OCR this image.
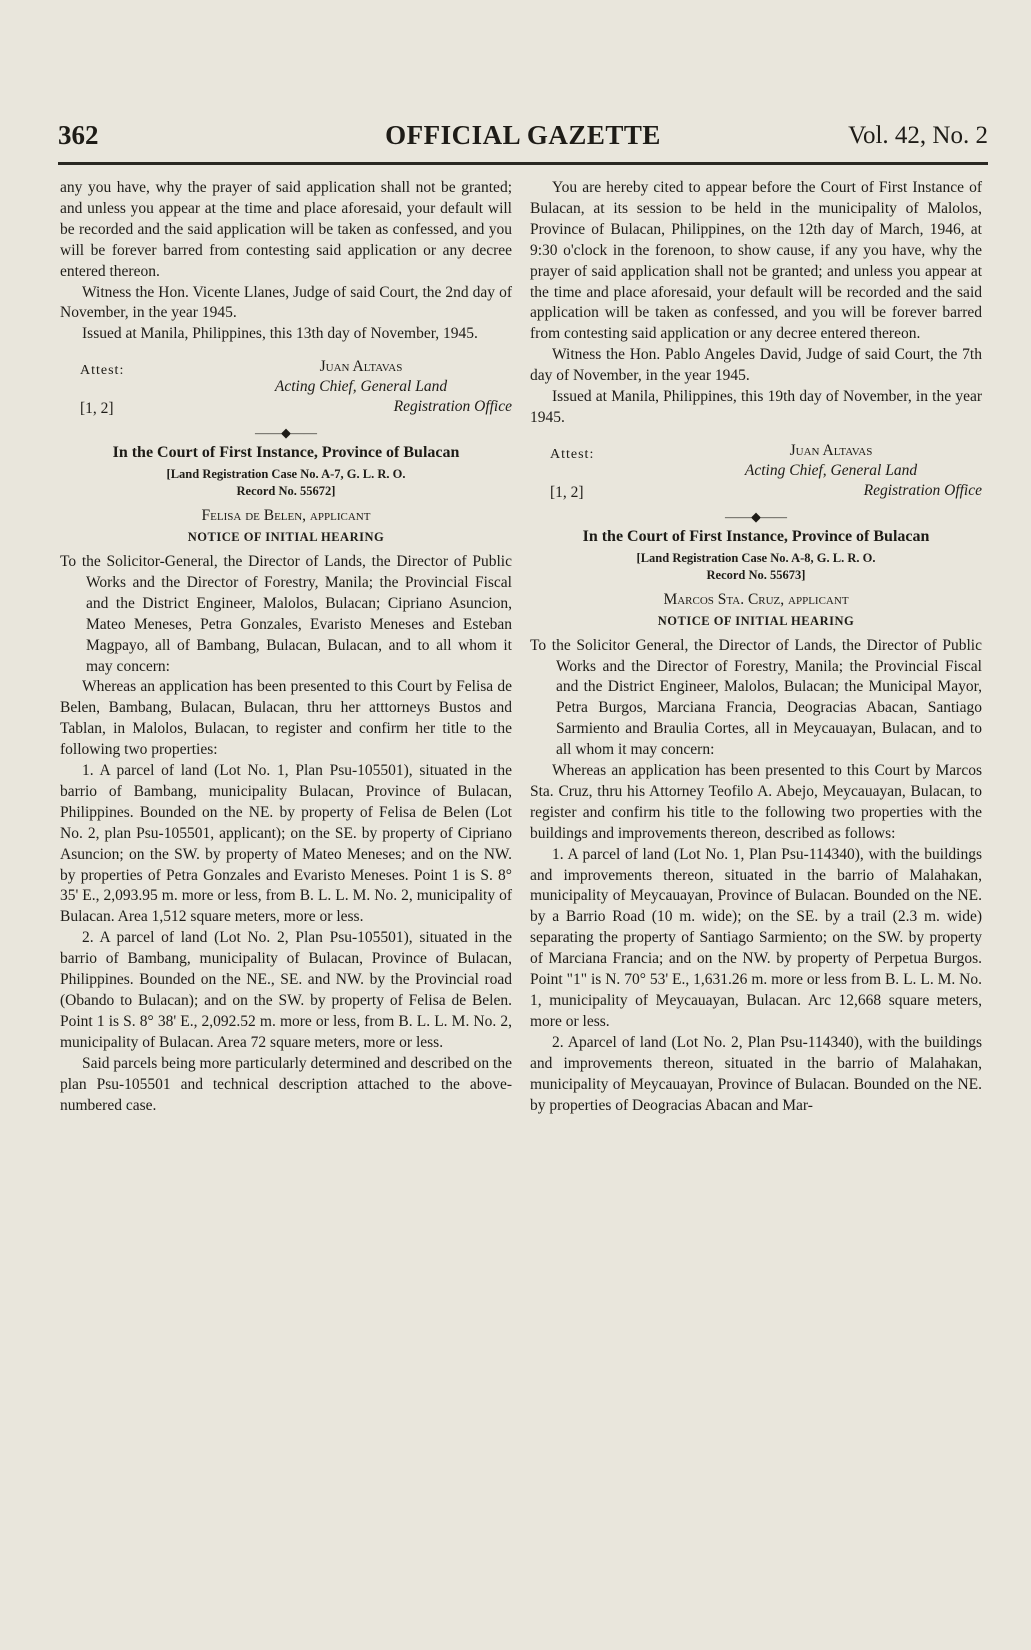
362	OFFICIAL GAZETTE	Vol. 42, No. 2

any you have, why the prayer of said application shall not be granted; and unless you appear at the time and place aforesaid, your default will be recorded and the said application will be taken as confessed, and you will be forever barred from contesting said application or any decree entered thereon.

Witness the Hon. Vicente Llanes, Judge of said Court, the 2nd day of November, in the year 1945.

Issued at Manila, Philippines, this 13th day of November, 1945.

Attest:	Juan Altavas
Acting Chief, General Land
Registration Office
[1, 2]
——◆——
In the Court of First Instance, Province of Bulacan
[Land Registration Case No. A-7, G. L. R. O.
Record No. 55672]
Felisa de Belen, applicant
NOTICE OF INITIAL HEARING

To the Solicitor-General, the Director of Lands, the Director of Public Works and the Director of Forestry, Manila; the Provincial Fiscal and the District Engineer, Malolos, Bulacan; Cipriano Asuncion, Mateo Meneses, Petra Gonzales, Evaristo Meneses and Esteban Magpayo, all of Bambang, Bulacan, Bulacan, and to all whom it may concern:

Whereas an application has been presented to this Court by Felisa de Belen, Bambang, Bulacan, Bulacan, thru her atttorneys Bustos and Tablan, in Malolos, Bulacan, to register and confirm her title to the following two properties:

1. A parcel of land (Lot No. 1, Plan Psu-105501), situated in the barrio of Bambang, municipality Bulacan, Province of Bulacan, Philippines. Bounded on the NE. by property of Felisa de Belen (Lot No. 2, plan Psu-105501, applicant); on the SE. by property of Cipriano Asuncion; on the SW. by property of Mateo Meneses; and on the NW. by properties of Petra Gonzales and Evaristo Meneses. Point 1 is S. 8° 35' E., 2,093.95 m. more or less, from B. L. L. M. No. 2, municipality of Bulacan. Area 1,512 square meters, more or less.

2. A parcel of land (Lot No. 2, Plan Psu-105501), situated in the barrio of Bambang, municipality of Bulacan, Province of Bulacan, Philippines. Bounded on the NE., SE. and NW. by the Provincial road (Obando to Bulacan); and on the SW. by property of Felisa de Belen. Point 1 is S. 8° 38' E., 2,092.52 m. more or less, from B. L. L. M. No. 2, municipality of Bulacan. Area 72 square meters, more or less.

Said parcels being more particularly determined and described on the plan Psu-105501 and technical description attached to the above-numbered case.

You are hereby cited to appear before the Court of First Instance of Bulacan, at its session to be held in the municipality of Malolos, Province of Bulacan, Philippines, on the 12th day of March, 1946, at 9:30 o'clock in the forenoon, to show cause, if any you have, why the prayer of said application shall not be granted; and unless you appear at the time and place aforesaid, your default will be recorded and the said application will be taken as confessed, and you will be forever barred from contesting said application or any decree entered thereon.

Witness the Hon. Pablo Angeles David, Judge of said Court, the 7th day of November, in the year 1945.

Issued at Manila, Philippines, this 19th day of November, in the year 1945.

Attest:	Juan Altavas
Acting Chief, General Land
Registration Office
[1, 2]
——◆——
In the Court of First Instance, Province of Bulacan
[Land Registration Case No. A-8, G. L. R. O.
Record No. 55673]
Marcos Sta. Cruz, applicant
NOTICE OF INITIAL HEARING

To the Solicitor General, the Director of Lands, the Director of Public Works and the Director of Forestry, Manila; the Provincial Fiscal and the District Engineer, Malolos, Bulacan; the Municipal Mayor, Petra Burgos, Marciana Francia, Deogracias Abacan, Santiago Sarmiento and Braulia Cortes, all in Meycauayan, Bulacan, and to all whom it may concern:

Whereas an application has been presented to this Court by Marcos Sta. Cruz, thru his Attorney Teofilo A. Abejo, Meycauayan, Bulacan, to register and confirm his title to the following two properties with the buildings and improvements thereon, described as follows:

1. A parcel of land (Lot No. 1, Plan Psu-114340), with the buildings and improvements thereon, situated in the barrio of Malahakan, municipality of Meycauayan, Province of Bulacan. Bounded on the NE. by a Barrio Road (10 m. wide); on the SE. by a trail (2.3 m. wide) separating the property of Santiago Sarmiento; on the SW. by property of Marciana Francia; and on the NW. by property of Perpetua Burgos. Point "1" is N. 70° 53' E., 1,631.26 m. more or less from B. L. L. M. No. 1, municipality of Meycauayan, Bulacan. Arc 12,668 square meters, more or less.

2. Aparcel of land (Lot No. 2, Plan Psu-114340), with the buildings and improvements thereon, situated in the barrio of Malahakan, municipality of Meycauayan, Province of Bulacan. Bounded on the NE. by properties of Deogracias Abacan and Mar-
